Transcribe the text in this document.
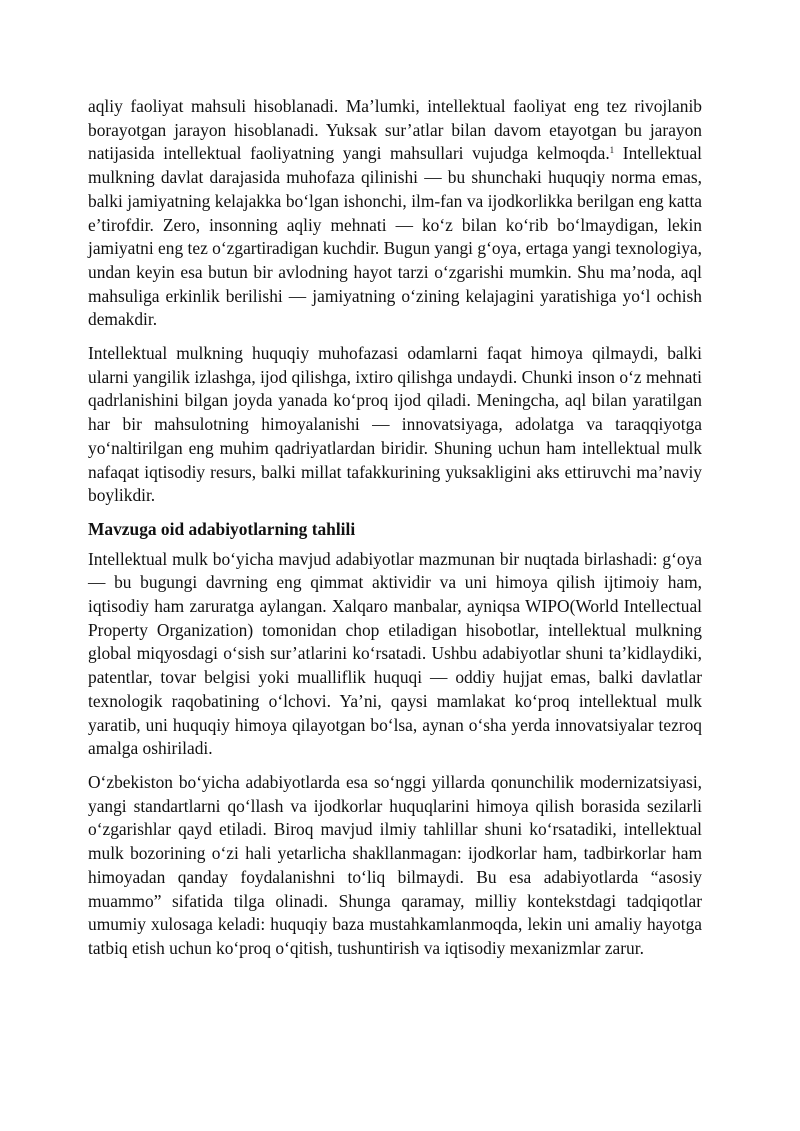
aqliy faoliyat mahsuli hisoblanadi. Ma’lumki, intellektual faoliyat eng tez rivojlanib borayotgan jarayon hisoblanadi. Yuksak sur’atlar bilan davom etayotgan bu jarayon natijasida intellektual faoliyatning yangi mahsullari vujudga kelmoqda.$^1$ Intellektual mulkning davlat darajasida muhofaza qilinishi — bu shunchaki huquqiy norma emas, balki jamiyatning kelajakka bo‘lgan ishonchi, ilm-fan va ijodkorlikka berilgan eng katta e’tirofdir. Zero, insonning aqliy mehnati — ko‘z bilan ko‘rib bo‘lmaydigan, lekin jamiyatni eng tez o‘zgartiradigan kuchdir. Bugun yangi g‘oya, ertaga yangi texnologiya, undan keyin esa butun bir avlodning hayot tarzi o‘zgarishi mumkin. Shu ma’noda, aql mahsuliga erkinlik berilishi — jamiyatning o‘zining kelajagini yaratishiga yo‘l ochish demakdir.

Intellektual mulkning huquqiy muhofazasi odamlarni faqat himoya qilmaydi, balki ularni yangilik izlashga, ijod qilishga, ixtiro qilishga undaydi. Chunki inson o‘z mehnati qadrlanishini bilgan joyda yanada ko‘proq ijod qiladi. Meningcha, aql bilan yaratilgan har bir mahsulotning himoyalanishi — innovatsiyaga, adolatga va taraqqiyotga yo‘naltirilgan eng muhim qadriyatlardan biridir. Shuning uchun ham intellektual mulk nafaqat iqtisodiy resurs, balki millat tafakkurining yuksakligini aks ettiruvchi ma’naviy boylikdir.

Mavzuga oid adabiyotlarning tahlili

Intellektual mulk bo‘yicha mavjud adabiyotlar mazmunan bir nuqtada birlashadi: g‘oya — bu bugungi davrning eng qimmat aktividir va uni himoya qilish ijtimoiy ham, iqtisodiy ham zaruratga aylangan. Xalqaro manbalar, ayniqsa WIPO(World Intellectual Property Organization) tomonidan chop etiladigan hisobotlar, intellektual mulkning global miqyosdagi o‘sish sur’atlarini ko‘rsatadi. Ushbu adabiyotlar shuni ta’kidlaydiki, patentlar, tovar belgisi yoki mualliflik huquqi — oddiy hujjat emas, balki davlatlar texnologik raqobatining o‘lchovi. Ya’ni, qaysi mamlakat ko‘proq intellektual mulk yaratib, uni huquqiy himoya qilayotgan bo‘lsa, aynan o‘sha yerda innovatsiyalar tezroq amalga oshiriladi.

O‘zbekiston bo‘yicha adabiyotlarda esa so‘nggi yillarda qonunchilik modernizatsiyasi, yangi standartlarni qo‘llash va ijodkorlar huquqlarini himoya qilish borasida sezilarli o‘zgarishlar qayd etiladi. Biroq mavjud ilmiy tahlillar shuni ko‘rsatadiki, intellektual mulk bozorining o‘zi hali yetarlicha shakllanmagan: ijodkorlar ham, tadbirkorlar ham himoyadan qanday foydalanishni to‘liq bilmaydi. Bu esa adabiyotlarda “asosiy muammo” sifatida tilga olinadi. Shunga qaramay, milliy kontekstdagi tadqiqotlar umumiy xulosaga keladi: huquqiy baza mustahkamlanmoqda, lekin uni amaliy hayotga tatbiq etish uchun ko‘proq o‘qitish, tushuntirish va iqtisodiy mexanizmlar zarur.
